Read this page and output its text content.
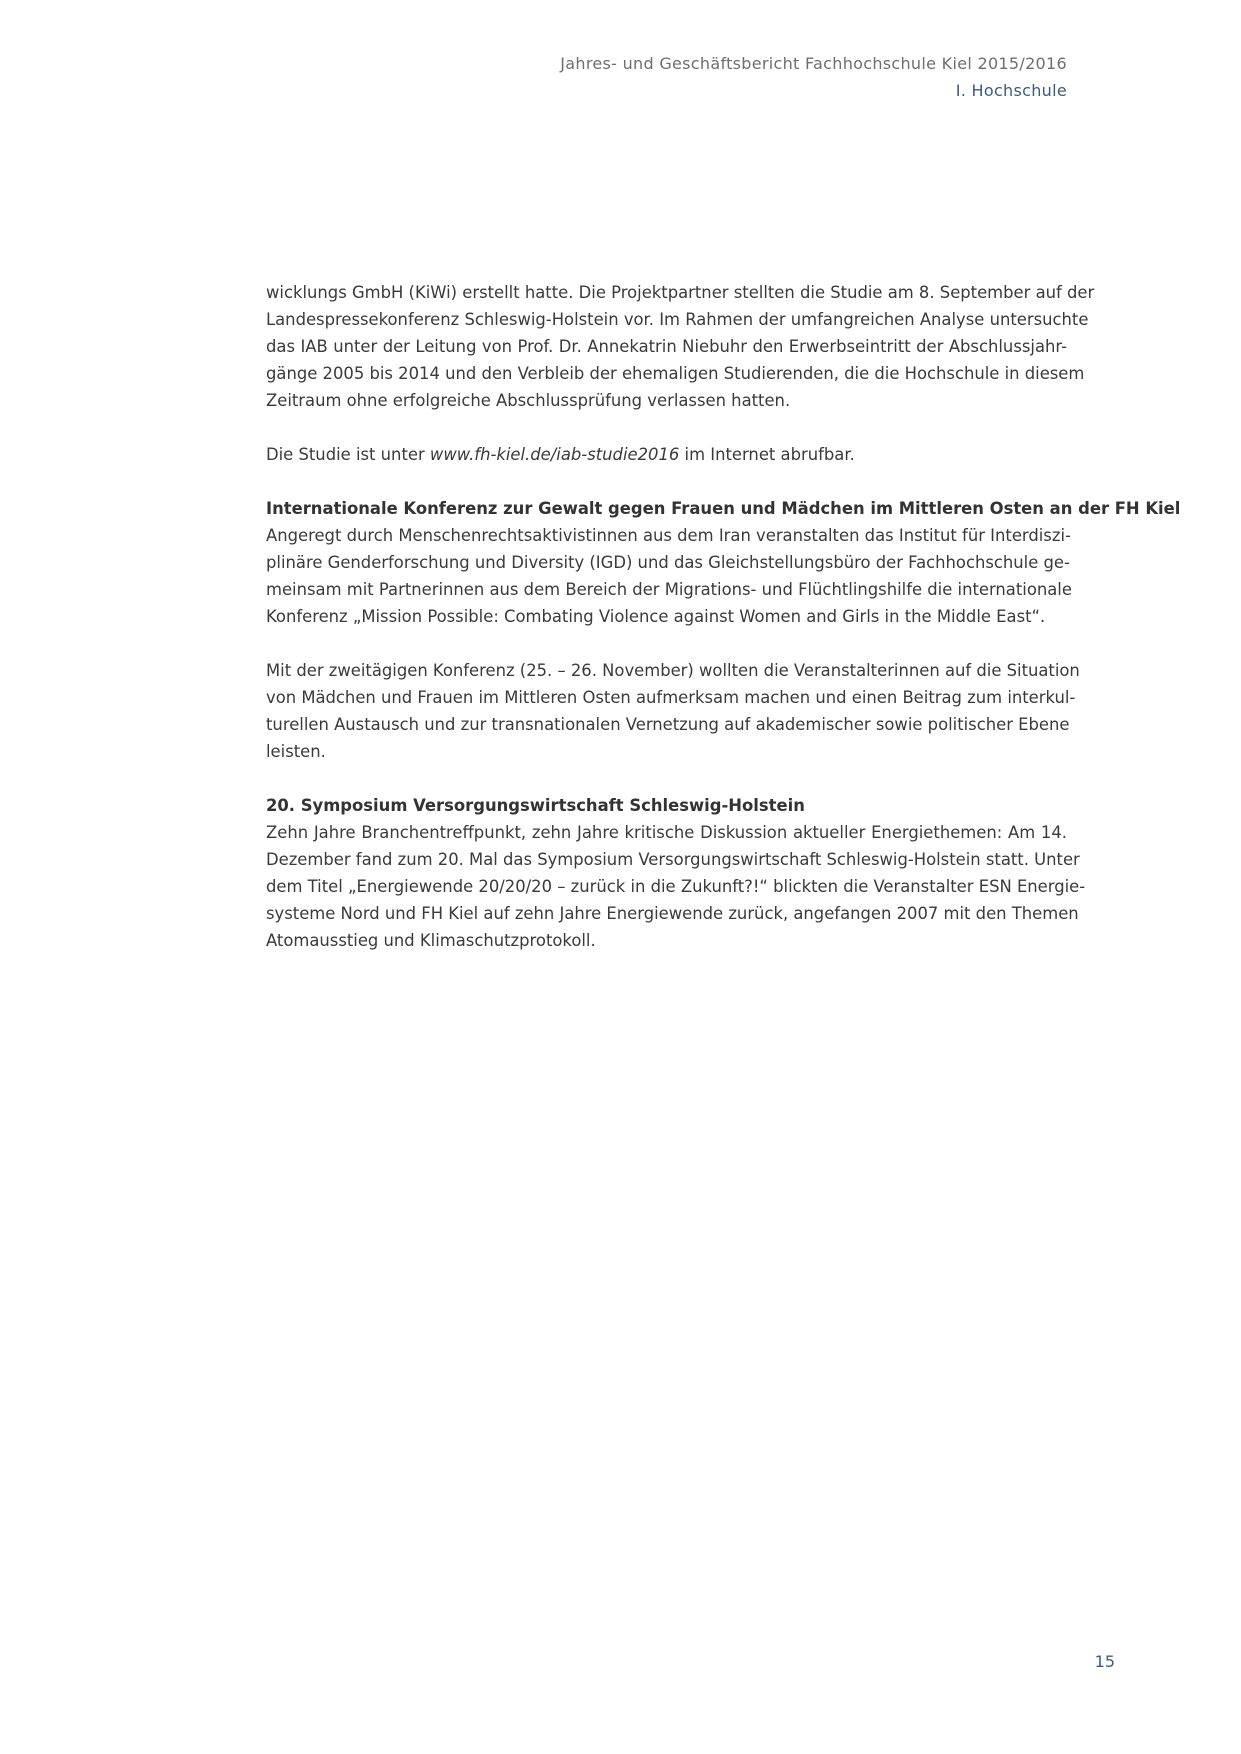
Jahres- und Geschäftsbericht Fachhochschule Kiel 2015/2016
I. Hochschule
wicklungs GmbH (KiWi) erstellt hatte. Die Projektpartner stellten die Studie am 8. September auf der
Landespressekonferenz Schleswig-Holstein vor. Im Rahmen der umfangreichen Analyse untersuchte
das IAB unter der Leitung von Prof. Dr. Annekatrin Niebuhr den Erwerbseintritt der Abschlussjahr-
gänge 2005 bis 2014 und den Verbleib der ehemaligen Studierenden, die die Hochschule in diesem
Zeitraum ohne erfolgreiche Abschlussprüfung verlassen hatten.
Die Studie ist unter www.fh-kiel.de/iab-studie2016 im Internet abrufbar.
Internationale Konferenz zur Gewalt gegen Frauen und Mädchen im Mittleren Osten an der FH Kiel
Angeregt durch Menschenrechtsaktivistinnen aus dem Iran veranstalten das Institut für Interdiszi-
plinäre Genderforschung und Diversity (IGD) und das Gleichstellungsbüro der Fachhochschule ge-
meinsam mit Partnerinnen aus dem Bereich der Migrations- und Flüchtlingshilfe die internationale
Konferenz „Mission Possible: Combating Violence against Women and Girls in the Middle East“.
Mit der zweitägigen Konferenz (25. – 26. November) wollten die Veranstalterinnen auf die Situation
von Mädchen und Frauen im Mittleren Osten aufmerksam machen und einen Beitrag zum interkul-
turellen Austausch und zur transnationalen Vernetzung auf akademischer sowie politischer Ebene
leisten.
20. Symposium Versorgungswirtschaft Schleswig-Holstein
Zehn Jahre Branchentreffpunkt, zehn Jahre kritische Diskussion aktueller Energiethemen: Am 14.
Dezember fand zum 20. Mal das Symposium Versorgungswirtschaft Schleswig-Holstein statt. Unter
dem Titel „Energiewende 20/20/20 – zurück in die Zukunft?!“ blickten die Veranstalter ESN Energie-
systeme Nord und FH Kiel auf zehn Jahre Energiewende zurück, angefangen 2007 mit den Themen
Atomausstieg und Klimaschutzprotokoll.
15
